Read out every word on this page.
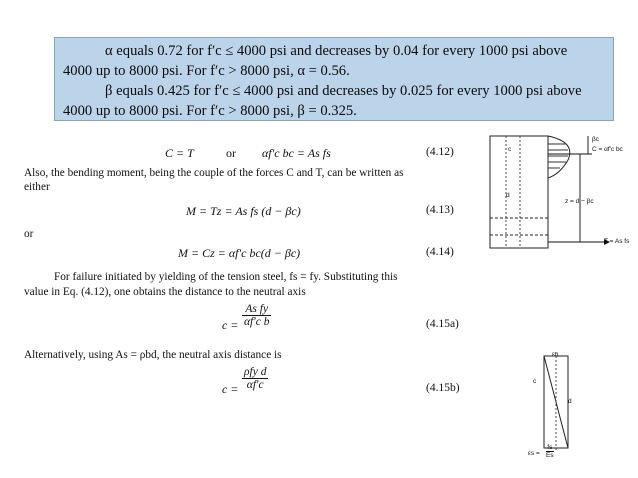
α equals 0.72 for f′c ≤ 4000 psi and decreases by 0.04 for every 1000 psi above

4000 up to 8000 psi. For f′c > 8000 psi, α = 0.56.

β equals 0.425 for f′c ≤ 4000 psi and decreases by 0.025 for every 1000 psi above

4000 up to 8000 psi. For f′c > 8000 psi, β = 0.325.

C = T	or αf′c bc = As fs	(4.12)
Also, the bending moment, being the couple of the forces C and T, can be written as
either
M = Tz = As fs (d − βc)	(4.13)
or
M = Cz = αf′c bc(d − βc)	(4.14)
For failure initiated by yielding of the tension steel, fs = fy. Substituting this
value in Eq. (4.12), one obtains the distance to the neutral axis
$c = \frac{\text{As fy}}{\text{αf′c b}}$	(4.15a)
Alternatively, using As = ρbd, the neutral axis distance is
c =
ρfy d
αf′c	(4.15b)
βc
C = αf′c bc
z = d − βc
T = As fs
c
d
εu
c
d
εs =
fs
Es
